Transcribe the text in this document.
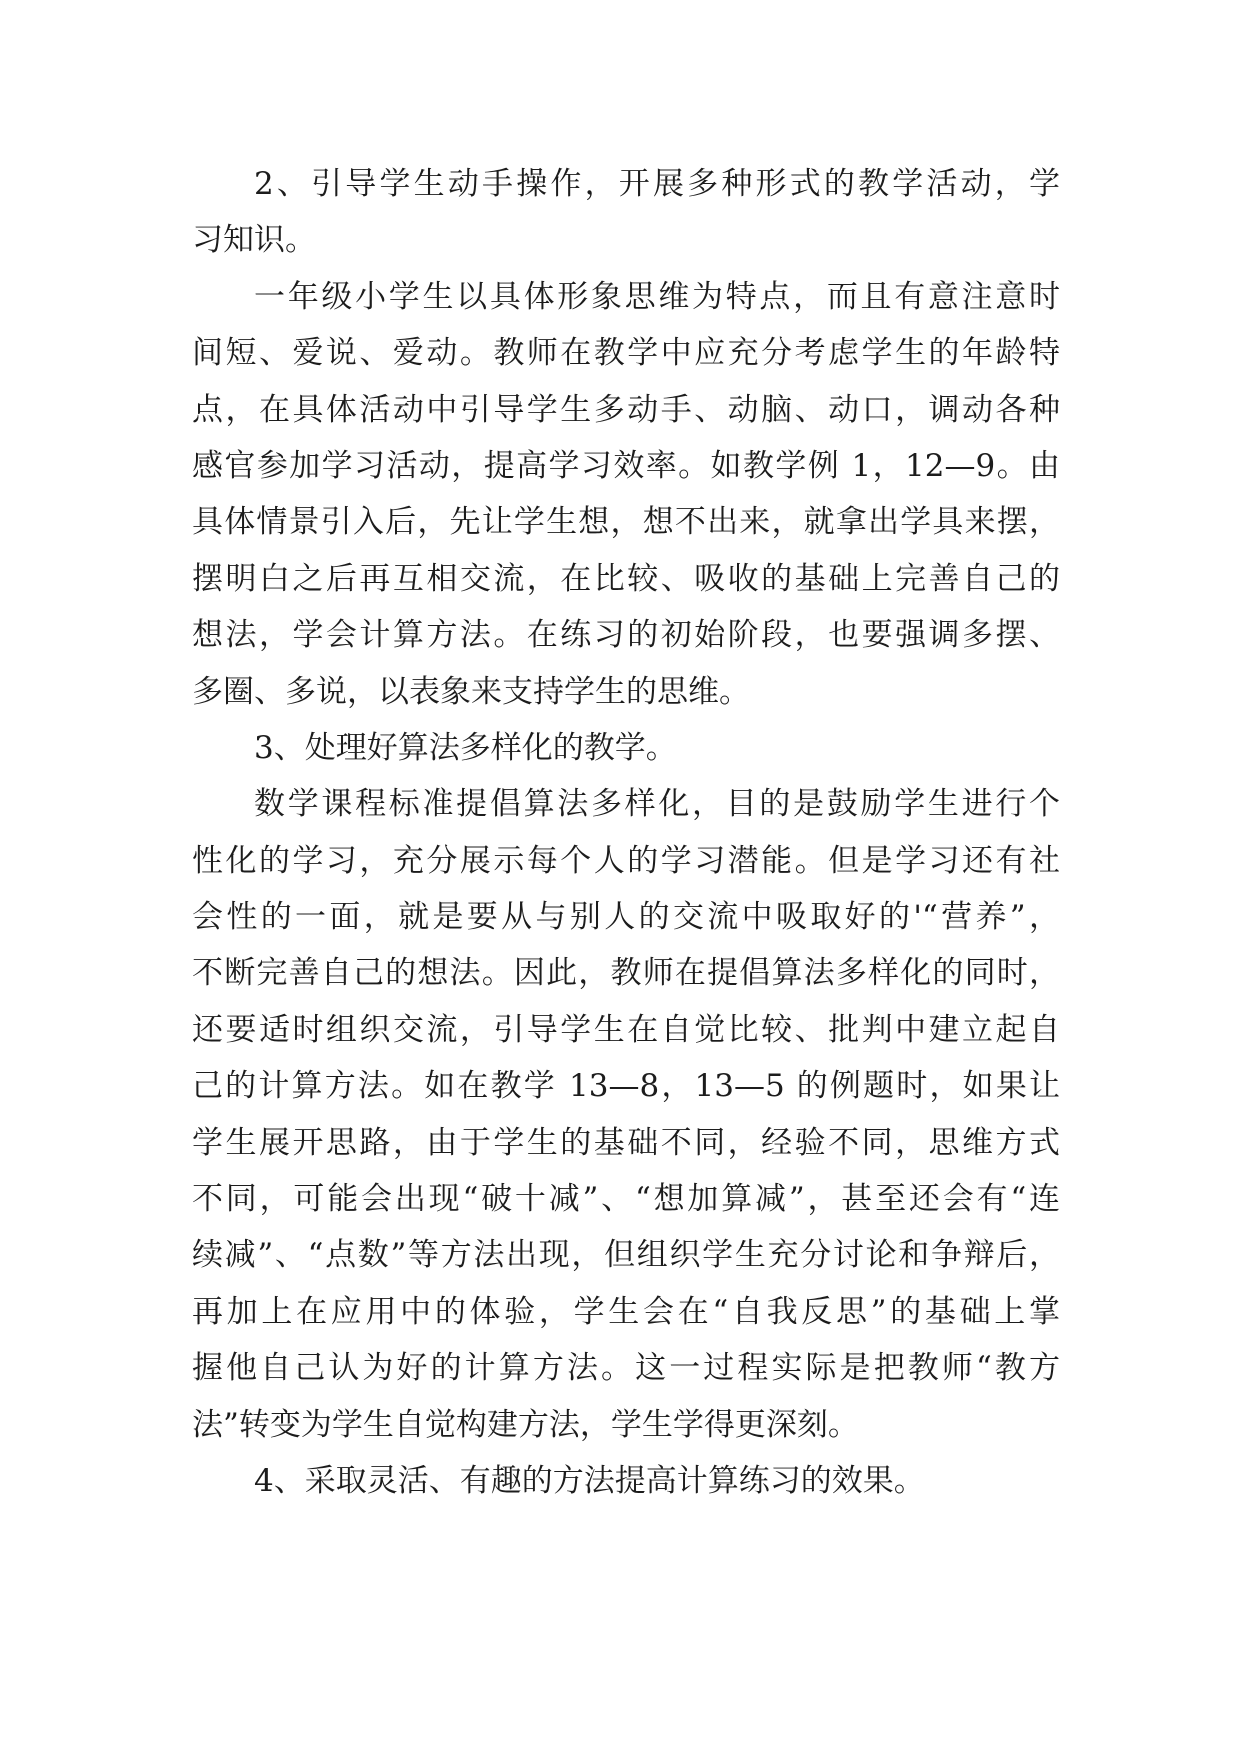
2、引导学生动手操作，开展多种形式的教学活动，学
习知识。
一年级小学生以具体形象思维为特点，而且有意注意时
间短、爱说、爱动。教师在教学中应充分考虑学生的年龄特
点，在具体活动中引导学生多动手、动脑、动口，调动各种
感官参加学习活动，提高学习效率。如教学例 1，12—9。由
具体情景引入后，先让学生想，想不出来，就拿出学具来摆，
摆明白之后再互相交流，在比较、吸收的基础上完善自己的
想法，学会计算方法。在练习的初始阶段，也要强调多摆、
多圈、多说，以表象来支持学生的思维。
3、处理好算法多样化的教学。
数学课程标准提倡算法多样化，目的是鼓励学生进行个
性化的学习，充分展示每个人的学习潜能。但是学习还有社
会性的一面，就是要从与别人的交流中吸取好的'“营养”，
不断完善自己的想法。因此，教师在提倡算法多样化的同时，
还要适时组织交流，引导学生在自觉比较、批判中建立起自
己的计算方法。如在教学 13—8，13—5 的例题时，如果让
学生展开思路，由于学生的基础不同，经验不同，思维方式
不同，可能会出现“破十减”、“想加算减”，甚至还会有“连
续减”、“点数”等方法出现，但组织学生充分讨论和争辩后，
再加上在应用中的体验，学生会在“自我反思”的基础上掌
握他自己认为好的计算方法。这一过程实际是把教师“教方
法”转变为学生自觉构建方法，学生学得更深刻。
4、采取灵活、有趣的方法提高计算练习的效果。
